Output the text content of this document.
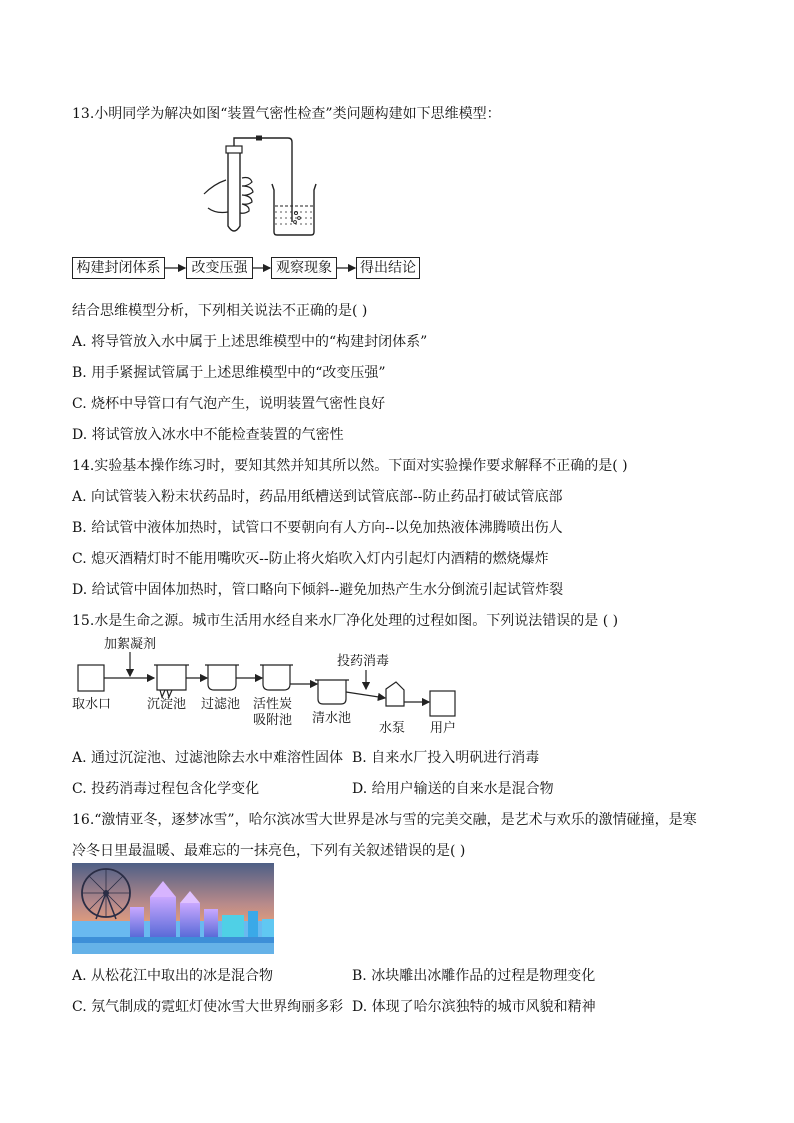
13.小明同学为解决如图“装置气密性检查”类问题构建如下思维模型：
构建封闭体系	改变压强	观察现象	得出结论
结合思维模型分析，下列相关说法不正确的是( )
A. 将导管放入水中属于上述思维模型中的“构建封闭体系”
B. 用手紧握试管属于上述思维模型中的“改变压强”
C. 烧杯中导管口有气泡产生，说明装置气密性良好
D. 将试管放入冰水中不能检查装置的气密性
14.实验基本操作练习时，要知其然并知其所以然。下面对实验操作要求解释不正确的是( )
A. 向试管装入粉末状药品时，药品用纸槽送到试管底部--防止药品打破试管底部
B. 给试管中液体加热时，试管口不要朝向有人方向--以免加热液体沸腾喷出伤人
C. 熄灭酒精灯时不能用嘴吹灭--防止将火焰吹入灯内引起灯内酒精的燃烧爆炸
D. 给试管中固体加热时，管口略向下倾斜--避免加热产生水分倒流引起试管炸裂
15.水是生命之源。城市生活用水经自来水厂净化处理的过程如图。下列说法错误的是 ( )
加絮凝剂
投药消毒
取水口	沉淀池 过滤池 活性炭
吸附池 清水池
水泵 用户
A. 通过沉淀池、过滤池除去水中难溶性固体 B. 自来水厂投入明矾进行消毒
C. 投药消毒过程包含化学变化	D. 给用户输送的自来水是混合物
16.“激情亚冬，逐梦冰雪”，哈尔滨冰雪大世界是冰与雪的完美交融，是艺术与欢乐的激情碰撞，是寒
冷冬日里最温暖、最难忘的一抹亮色，下列有关叙述错误的是( )
A. 从松花江中取出的冰是混合物	B. 冰块雕出冰雕作品的过程是物理变化
C. 氖气制成的霓虹灯使冰雪大世界绚丽多彩 D. 体现了哈尔滨独特的城市风貌和精神
